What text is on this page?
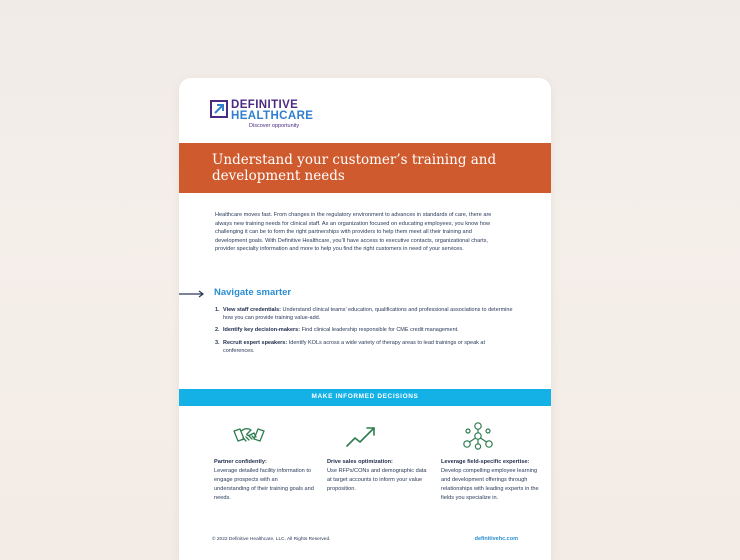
DEFINITIVE
HEALTHCARE
Discover opportunity
Understand your customer’s training and development needs

Healthcare moves fast. From changes in the regulatory environment to advances in standards of care, there are always new training needs for clinical staff. As an organization focused on educating employees, you know how challenging it can be to form the right partnerships with providers to help them meet all their training and development goals. With Definitive Healthcare, you’ll have access to executive contacts, organizational charts, provider specialty information and more to help you find the right customers in need of your services.

Navigate smarter
1. View staff credentials: Understand clinical teams’ education, qualifications and professional associations to determine how you can provide training value-add.
2. Identify key decision-makers: Find clinical leadership responsible for CME credit management.
3. Recruit expert speakers: Identify KOLs across a wide variety of therapy areas to lead trainings or speak at conferences.
MAKE INFORMED DECISIONS
Partner confidently:
Leverage detailed facility information to engage prospects with an understanding of their training goals and needs.
Drive sales optimization:
Use RFPs/CONs and demographic data at target accounts to inform your value proposition.
Leverage field-specific expertise:
Develop compelling employee learning and development offerings through relationships with leading experts in the fields you specialize in.
© 2022 Definitive Healthcare, LLC. All Rights Reserved.	definitivehc.com
